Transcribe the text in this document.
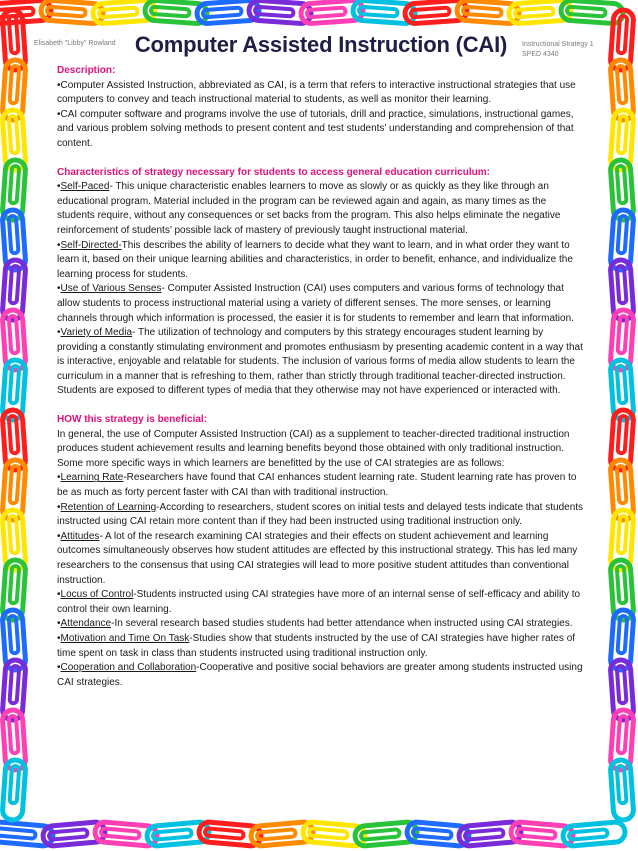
Elisabeth "Libby" Rowland	Instructional Strategy 1
SPED 4340
Computer Assisted Instruction (CAI)

Description:

•Computer Assisted Instruction, abbreviated as CAI, is a term that refers to interactive instructional strategies that use computers to convey and teach instructional material to students, as well as monitor their learning.

•CAI computer software and programs involve the use of tutorials, drill and practice, simulations, instructional games, and various problem solving methods to present content and test students’ understanding and comprehension of that content.

Characteristics of strategy necessary for students to access general education curriculum:

•Self-Paced- This unique characteristic enables learners to move as slowly or as quickly as they like through an educational program. Material included in the program can be reviewed again and again, as many times as the students require, without any consequences or set backs from the program. This also helps eliminate the negative reinforcement of students’ possible lack of mastery of previously taught instructional material.

•Self-Directed-This describes the ability of learners to decide what they want to learn, and in what order they want to learn it, based on their unique learning abilities and characteristics, in order to benefit, enhance, and individualize the learning process for students.

•Use of Various Senses- Computer Assisted Instruction (CAI) uses computers and various forms of technology that allow students to process instructional material using a variety of different senses. The more senses, or learning channels through which information is processed, the easier it is for students to remember and learn that information.

•Variety of Media- The utilization of technology and computers by this strategy encourages student learning by providing a constantly stimulating environment and promotes enthusiasm by presenting academic content in a way that is interactive, enjoyable and relatable for students. The inclusion of various forms of media allow students to learn the curriculum in a manner that is refreshing to them, rather than strictly through traditional teacher-directed instruction. Students are exposed to different types of media that they otherwise may not have experienced or interacted with.

HOW this strategy is beneficial:

In general, the use of Computer Assisted Instruction (CAI) as a supplement to teacher-directed traditional instruction produces student achievement results and learning benefits beyond those obtained with only traditional instruction. Some more specific ways in which learners are benefitted by the use of CAI strategies are as follows:

•Learning Rate-Researchers have found that CAI enhances student learning rate. Student learning rate has proven to be as much as forty percent faster with CAI than with traditional instruction.

•Retention of Learning-According to researchers, student scores on initial tests and delayed tests indicate that students instructed using CAI retain more content than if they had been instructed using traditional instruction only.

•Attitudes- A lot of the research examining CAI strategies and their effects on student achievement and learning outcomes simultaneously observes how student attitudes are effected by this instructional strategy. This has led many researchers to the consensus that using CAI strategies will lead to more positive student attitudes than conventional instruction.

•Locus of Control-Students instructed using CAI strategies have more of an internal sense of self-efficacy and ability to control their own learning.

•Attendance-In several research based studies students had better attendance when instructed using CAI strategies.

•Motivation and Time On Task-Studies show that students instructed by the use of CAI strategies have higher rates of time spent on task in class than students instructed using traditional instruction only.

•Cooperation and Collaboration-Cooperative and positive social behaviors are greater among students instructed using CAI strategies.
